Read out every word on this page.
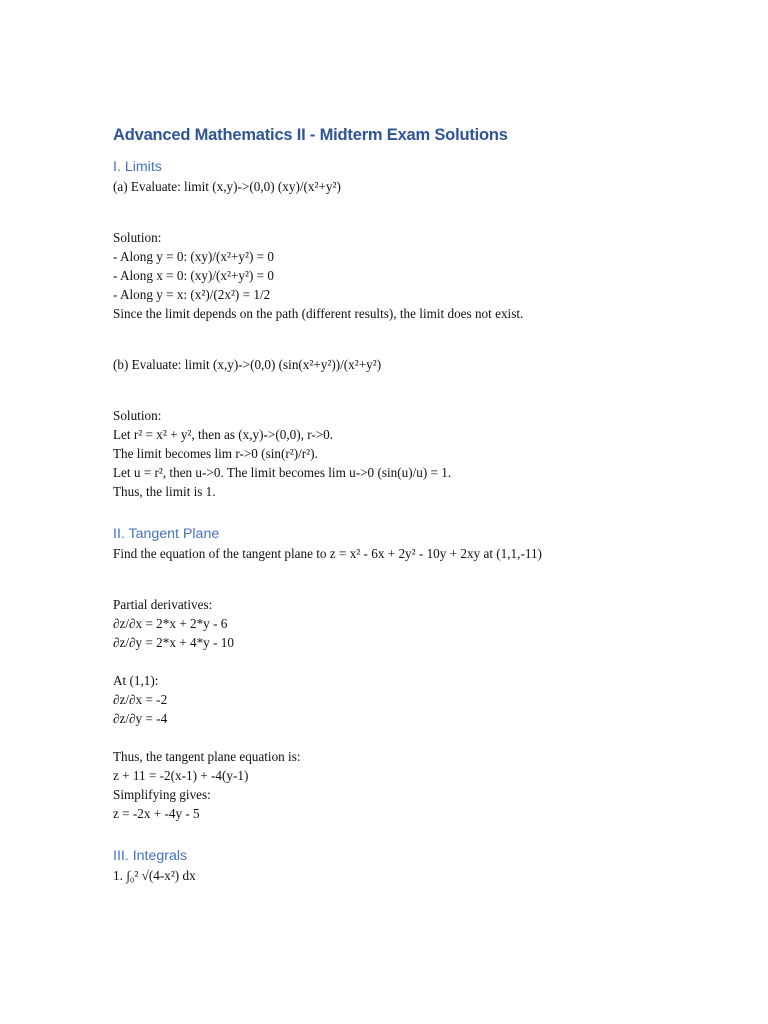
Advanced Mathematics II - Midterm Exam Solutions
I. Limits
(a) Evaluate: limit (x,y)->(0,0) (xy)/(x²+y²)
Solution:
- Along y = 0: (xy)/(x²+y²) = 0
- Along x = 0: (xy)/(x²+y²) = 0
- Along y = x: (x²)/(2x²) = 1/2
Since the limit depends on the path (different results), the limit does not exist.
(b) Evaluate: limit (x,y)->(0,0) (sin(x²+y²))/(x²+y²)
Solution:
Let r² = x² + y², then as (x,y)->(0,0), r->0.
The limit becomes lim r->0 (sin(r²)/r²).
Let u = r², then u->0. The limit becomes lim u->0 (sin(u)/u) = 1.
Thus, the limit is 1.
II. Tangent Plane
Find the equation of the tangent plane to z = x² - 6x + 2y² - 10y + 2xy at (1,1,-11)
Partial derivatives:
∂z/∂x = 2*x + 2*y - 6
∂z/∂y = 2*x + 4*y - 10
At (1,1):
∂z/∂x = -2
∂z/∂y = -4
Thus, the tangent plane equation is:
z + 11 = -2(x-1) + -4(y-1)
Simplifying gives:
z = -2x + -4y - 5
III. Integrals
1. ∫₀² √(4-x²) dx
